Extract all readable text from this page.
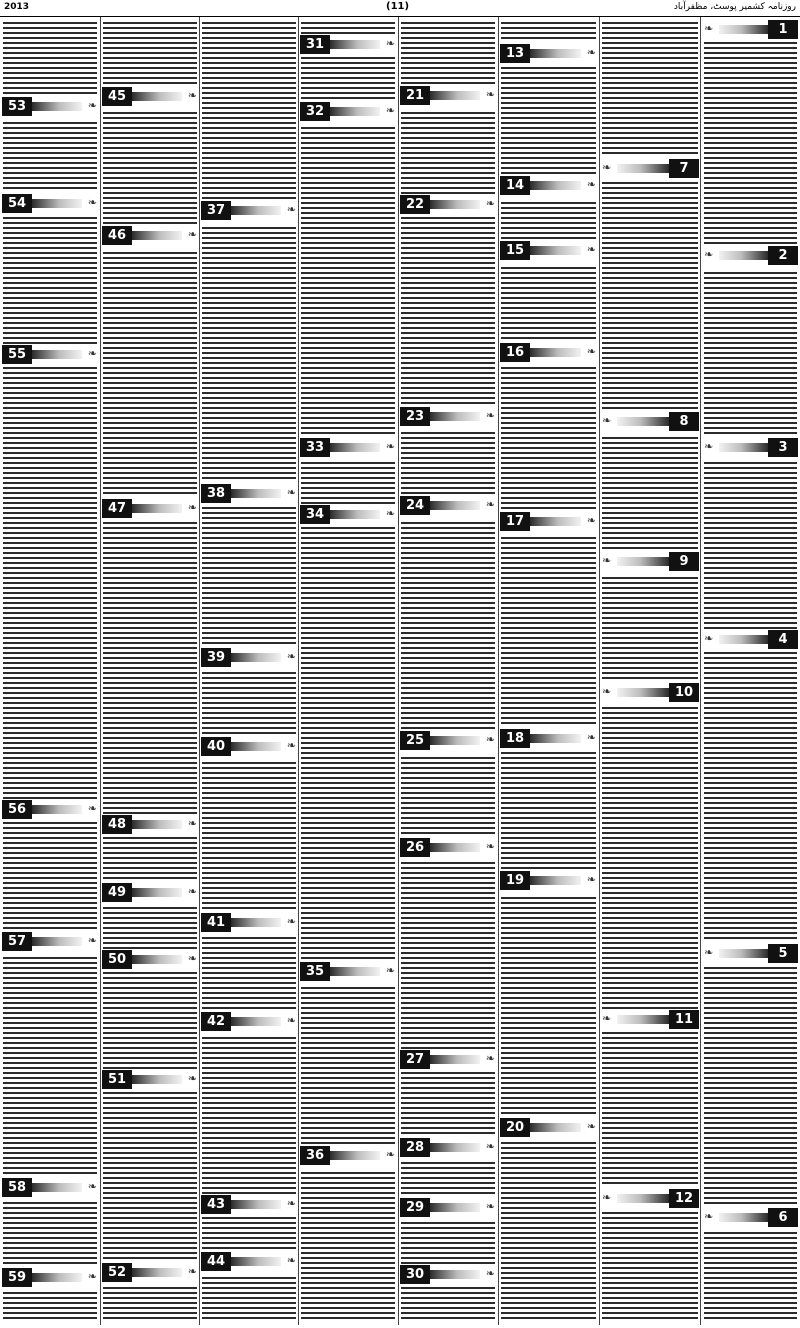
2013	(11)	روزنامہ کشمیر پوسٹ، مظفرآباد
53	❧
54	❧
55	❧
56	❧
57	❧
58	❧
59	❧
45	❧
46	❧
47	❧
48	❧
49	❧
50	❧
51	❧
52	❧
37	❧
38	❧
39	❧
40	❧
41	❧
42	❧
43	❧
44	❧
31	❧
32	❧
33	❧
34	❧
35	❧
36	❧
21	❧
22	❧
23	❧
24	❧
25	❧
26	❧
27	❧
28	❧
29	❧
30	❧
13	❧
14	❧
15	❧
16	❧
17	❧
18	❧
19	❧
20	❧
7
❧
8
❧
9
❧
10
❧
11
❧
12
❧
1
❧
2
❧
3
❧
4
❧
5
❧
6
❧
